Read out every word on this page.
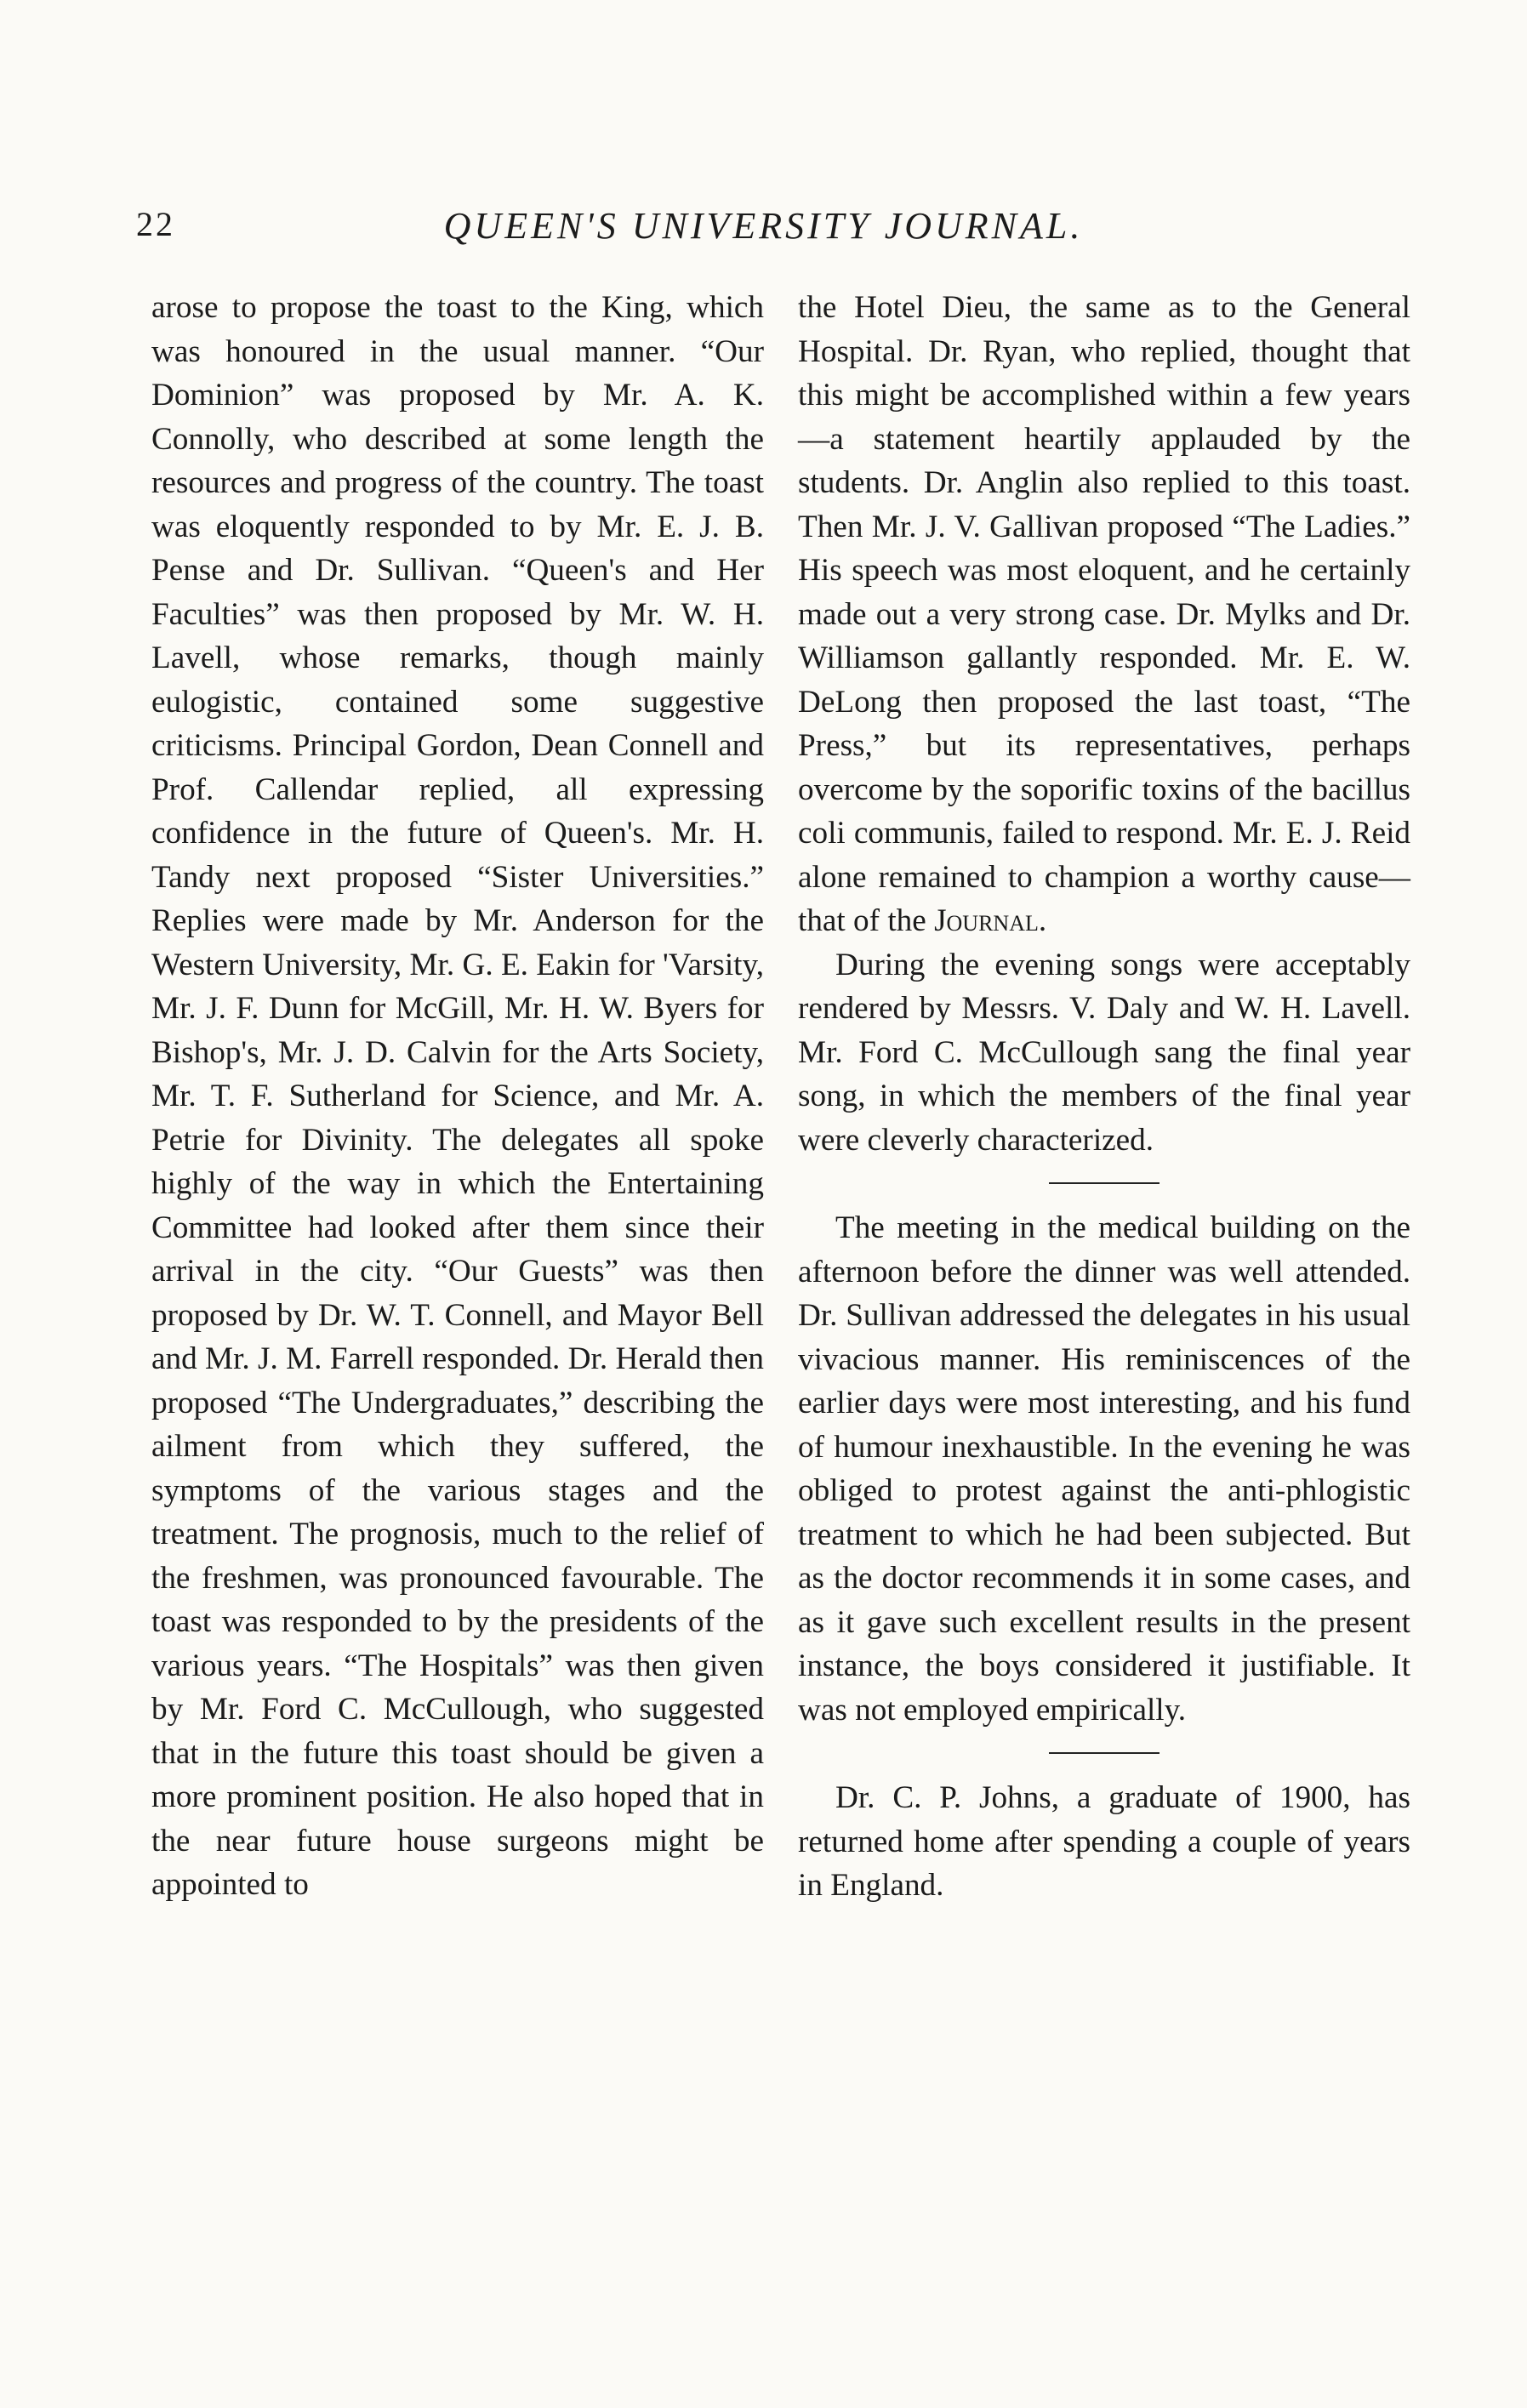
22	QUEEN'S UNIVERSITY JOURNAL.

arose to propose the toast to the King, which was honoured in the usual manner. “Our Dominion” was proposed by Mr. A. K. Connolly, who described at some length the resources and progress of the country. The toast was eloquently responded to by Mr. E. J. B. Pense and Dr. Sullivan. “Queen's and Her Faculties” was then proposed by Mr. W. H. Lavell, whose remarks, though mainly eulogistic, contained some suggestive criticisms. Principal Gordon, Dean Connell and Prof. Callendar replied, all expressing confidence in the future of Queen's. Mr. H. Tandy next proposed “Sister Universities.” Replies were made by Mr. Anderson for the Western University, Mr. G. E. Eakin for 'Varsity, Mr. J. F. Dunn for McGill, Mr. H. W. Byers for Bishop's, Mr. J. D. Calvin for the Arts Society, Mr. T. F. Sutherland for Science, and Mr. A. Petrie for Divinity. The delegates all spoke highly of the way in which the Entertaining Committee had looked after them since their arrival in the city. “Our Guests” was then proposed by Dr. W. T. Connell, and Mayor Bell and Mr. J. M. Farrell responded. Dr. Herald then proposed “The Undergraduates,” describing the ailment from which they suffered, the symptoms of the various stages and the treatment. The prognosis, much to the relief of the freshmen, was pronounced favourable. The toast was responded to by the presidents of the various years. “The Hospitals” was then given by Mr. Ford C. McCullough, who suggested that in the future this toast should be given a more prominent position. He also hoped that in the near future house surgeons might be appointed to

the Hotel Dieu, the same as to the General Hospital. Dr. Ryan, who replied, thought that this might be accomplished within a few years—a statement heartily applauded by the students. Dr. Anglin also replied to this toast. Then Mr. J. V. Gallivan proposed “The Ladies.” His speech was most eloquent, and he certainly made out a very strong case. Dr. Mylks and Dr. Williamson gallantly responded. Mr. E. W. DeLong then proposed the last toast, “The Press,” but its representatives, perhaps overcome by the soporific toxins of the bacillus coli communis, failed to respond. Mr. E. J. Reid alone remained to champion a worthy cause—that of the Journal.

During the evening songs were acceptably rendered by Messrs. V. Daly and W. H. Lavell. Mr. Ford C. McCullough sang the final year song, in which the members of the final year were cleverly characterized.

The meeting in the medical building on the afternoon before the dinner was well attended. Dr. Sullivan addressed the delegates in his usual vivacious manner. His reminiscences of the earlier days were most interesting, and his fund of humour inexhaustible. In the evening he was obliged to protest against the anti-phlogistic treatment to which he had been subjected. But as the doctor recommends it in some cases, and as it gave such excellent results in the present instance, the boys considered it justifiable. It was not employed empirically.

Dr. C. P. Johns, a graduate of 1900, has returned home after spending a couple of years in England.
